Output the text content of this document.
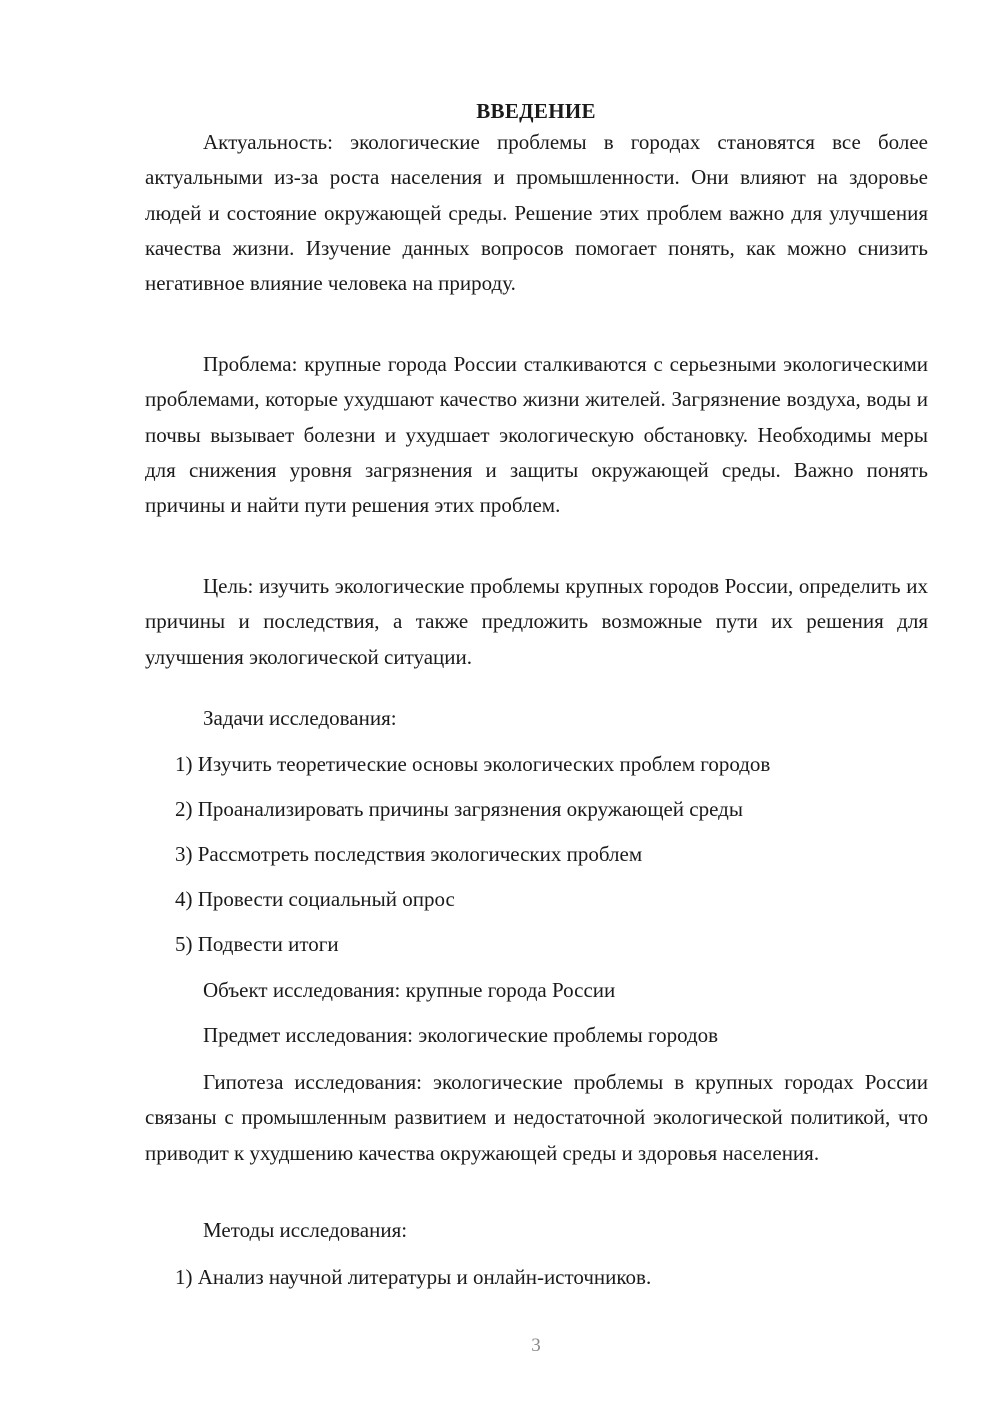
ВВЕДЕНИЕ

Актуальность: экологические проблемы в городах становятся все более актуальными из-за роста населения и промышленности. Они влияют на здоровье людей и состояние окружающей среды. Решение этих проблем важно для улучшения качества жизни. Изучение данных вопросов помогает понять, как можно снизить негативное влияние человека на природу.

Проблема: крупные города России сталкиваются с серьезными экологическими проблемами, которые ухудшают качество жизни жителей. Загрязнение воздуха, воды и почвы вызывает болезни и ухудшает экологическую обстановку. Необходимы меры для снижения уровня загрязнения и защиты окружающей среды. Важно понять причины и найти пути решения этих проблем.

Цель: изучить экологические проблемы крупных городов России, определить их причины и последствия, а также предложить возможные пути их решения для улучшения экологической ситуации.

Задачи исследования:
1) Изучить теоретические основы экологических проблем городов
2) Проанализировать причины загрязнения окружающей среды
3) Рассмотреть последствия экологических проблем
4) Провести социальный опрос
5) Подвести итоги
Объект исследования: крупные города России
Предмет исследования: экологические проблемы городов

Гипотеза исследования: экологические проблемы в крупных городах России связаны с промышленным развитием и недостаточной экологической политикой, что приводит к ухудшению качества окружающей среды и здоровья населения.

Методы исследования:
1) Анализ научной литературы и онлайн-источников.
3
